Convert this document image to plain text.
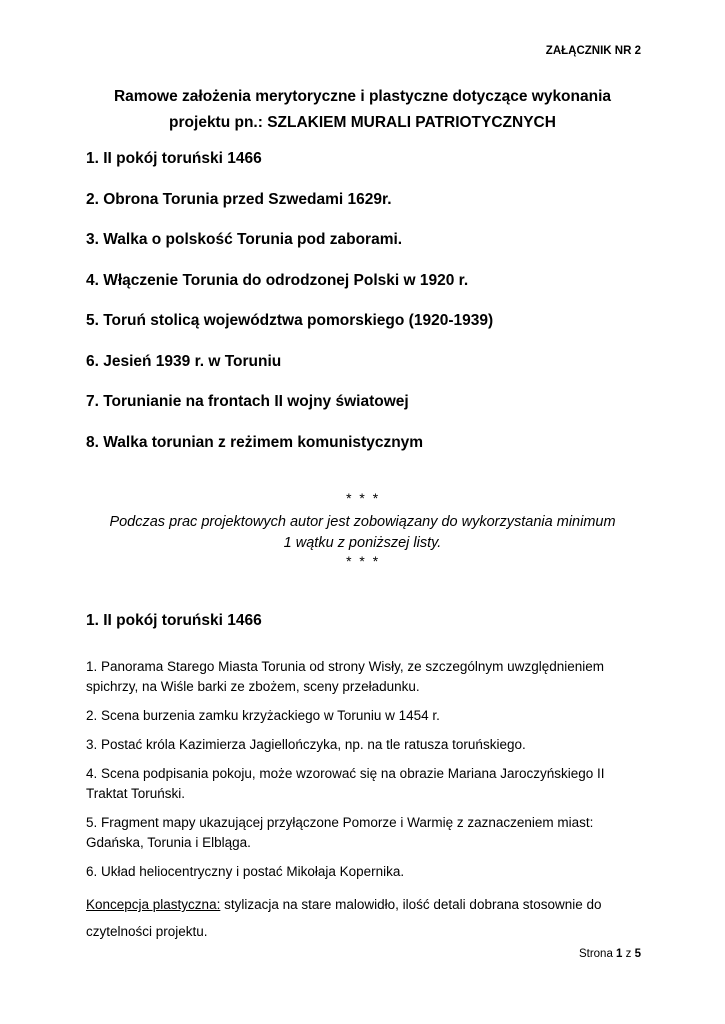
ZAŁĄCZNIK NR 2
Ramowe założenia merytoryczne i plastyczne dotyczące wykonania
projektu pn.: SZLAKIEM MURALI PATRIOTYCZNYCH
1. II pokój toruński 1466
2. Obrona Torunia przed Szwedami 1629r.
3. Walka o polskość Torunia pod zaborami.
4. Włączenie Torunia do odrodzonej Polski w 1920 r.
5. Toruń stolicą województwa pomorskiego (1920-1939)
6. Jesień 1939 r. w Toruniu
7. Torunianie na frontach II wojny światowej
8. Walka torunian z reżimem komunistycznym
* * *
Podczas prac projektowych autor jest zobowiązany do wykorzystania minimum
1 wątku z poniższej listy.
* * *
1. II pokój toruński 1466

1. Panorama Starego Miasta Torunia od strony Wisły, ze szczególnym uwzględnieniem spichrzy, na Wiśle barki ze zbożem, sceny przeładunku.

2. Scena burzenia zamku krzyżackiego w Toruniu w 1454 r.

3. Postać króla Kazimierza Jagiellończyka, np. na tle ratusza toruńskiego.

4. Scena podpisania pokoju, może wzorować się na obrazie Mariana Jaroczyńskiego II Traktat Toruński.

5. Fragment mapy ukazującej przyłączone Pomorze i Warmię z zaznaczeniem miast: Gdańska, Torunia i Elbląga.

6. Układ heliocentryczny i postać Mikołaja Kopernika.

Koncepcja plastyczna: stylizacja na stare malowidło, ilość detali dobrana stosownie do czytelności projektu.

Strona 1 z 5
